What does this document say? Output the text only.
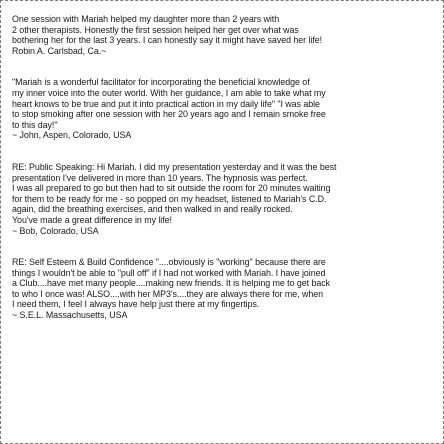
One session with Mariah helped my daughter more than 2 years with
2 other therapists. Honestly the first session helped her get over what was
bothering her for the last 3 years. I can honestly say it might have saved her life!
Robin A. Carlsbad, Ca.~
"Mariah is a wonderful facilitator for incorporating the beneficial knowledge of
my inner voice into the outer world. With her guidance, I am able to take what my
heart knows to be true and put it into practical action in my daily life" "I was able
to stop smoking after one session with her 20 years ago and I remain smoke free
to this day!"
~ John, Aspen, Colorado, USA
RE: Public Speaking: Hi Mariah. I did my presentation yesterday and it was the best
presentation I've delivered in more than 10 years. The hypnosis was perfect.
I was all prepared to go but then had to sit outside the room for 20 minutes waiting
for them to be ready for me - so popped on my headset, listened to Mariah's C.D.
again, did the breathing exercises, and then walked in and really rocked.
You've made a great difference in my life!
~ Bob, Colorado, USA
RE: Self Esteem & Build Confidence "....obviously is "working" because there are
things I wouldn't be able to "pull off" if I had not worked with Mariah. I have joined
a Club....have met many people....making new friends. It is helping me to get back
to who I once was! ALSO....with her MP3's....they are always there for me, when
I need them, I feel I always have help just there at my fingertips.
~ S.E.L. Massachusetts, USA
